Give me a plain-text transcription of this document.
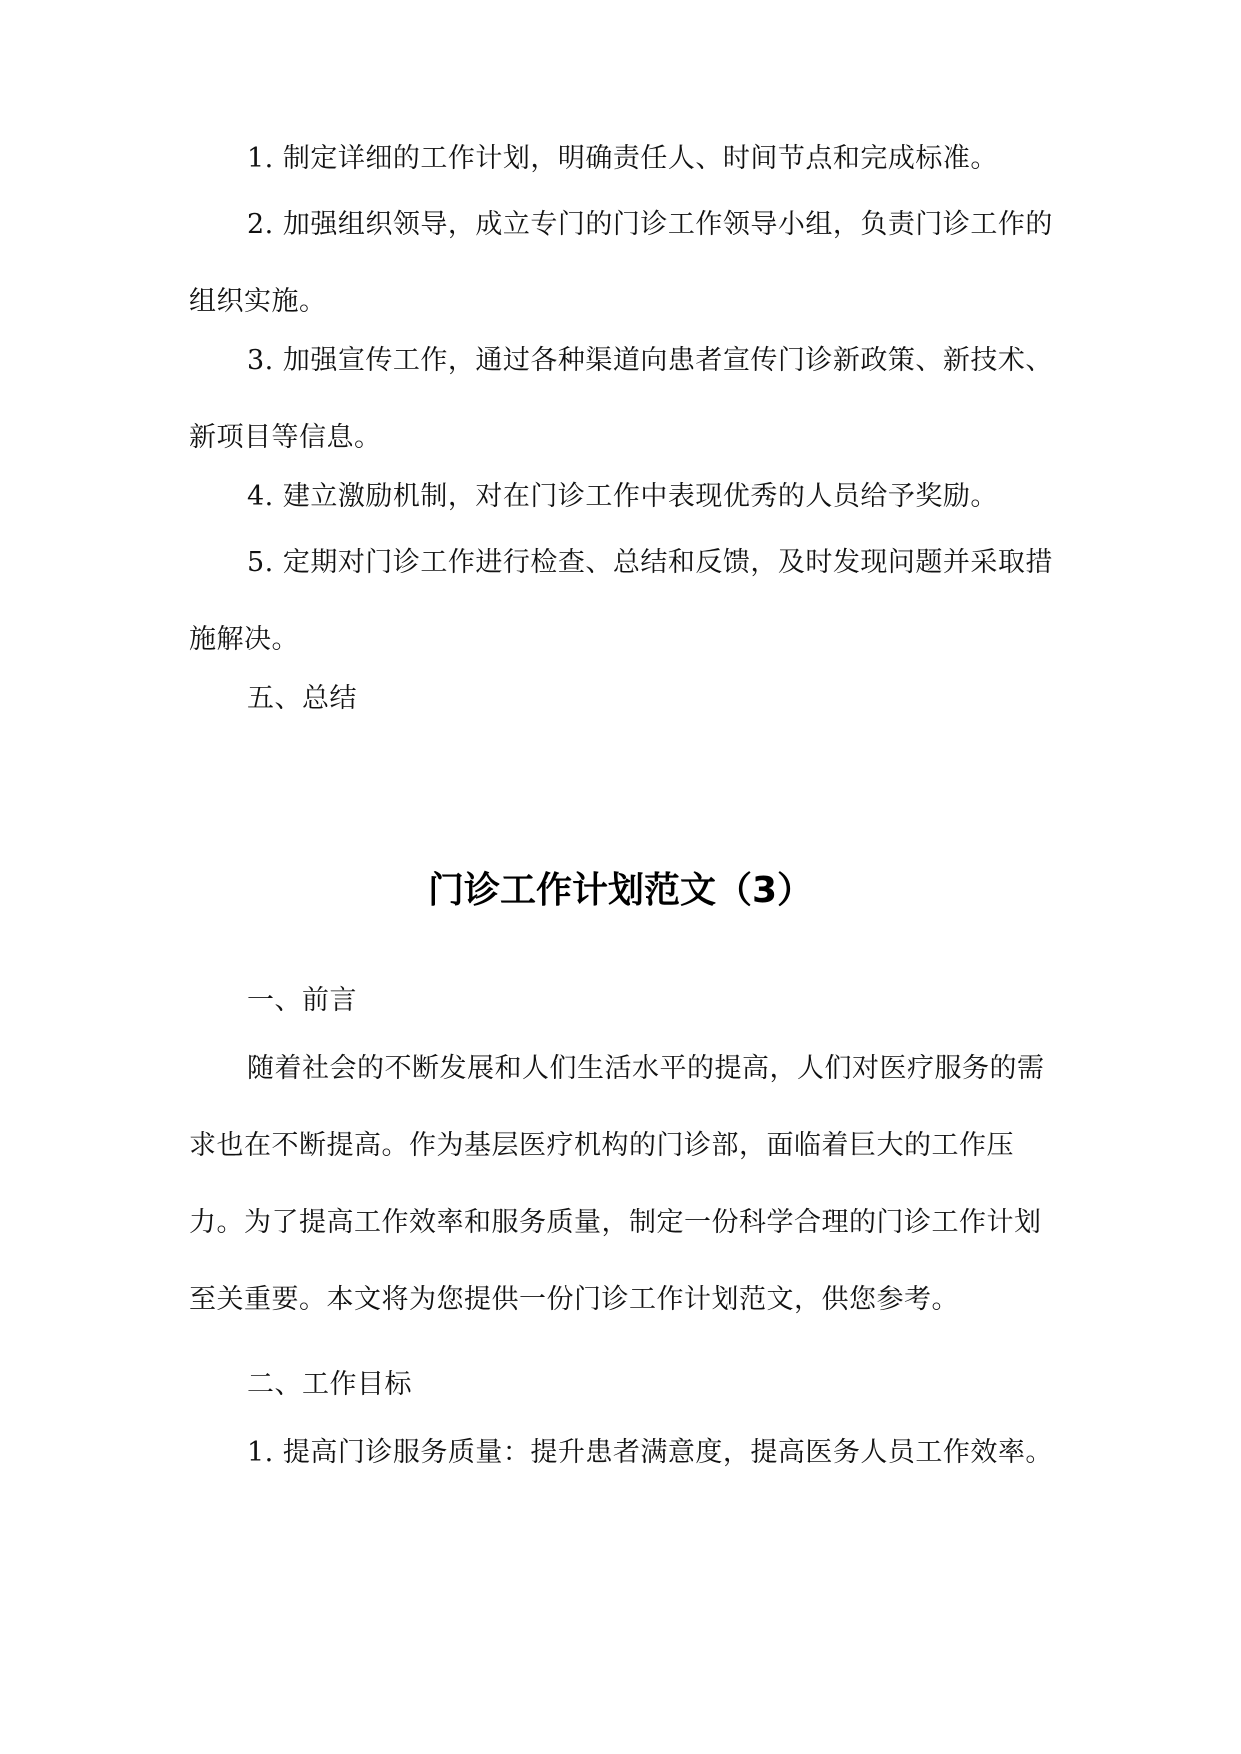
1. 制定详细的工作计划，明确责任人、时间节点和完成标准。

2. 加强组织领导，成立专门的门诊工作领导小组，负责门诊工作的组织实施。

3. 加强宣传工作，通过各种渠道向患者宣传门诊新政策、新技术、新项目等信息。

4. 建立激励机制，对在门诊工作中表现优秀的人员给予奖励。

5. 定期对门诊工作进行检查、总结和反馈，及时发现问题并采取措施解决。

五、总结

门诊工作计划范文（3）

一、前言

随着社会的不断发展和人们生活水平的提高，人们对医疗服务的需求也在不断提高。作为基层医疗机构的门诊部，面临着巨大的工作压力。为了提高工作效率和服务质量，制定一份科学合理的门诊工作计划至关重要。本文将为您提供一份门诊工作计划范文，供您参考。

二、工作目标

1. 提高门诊服务质量：提升患者满意度，提高医务人员工作效率。
